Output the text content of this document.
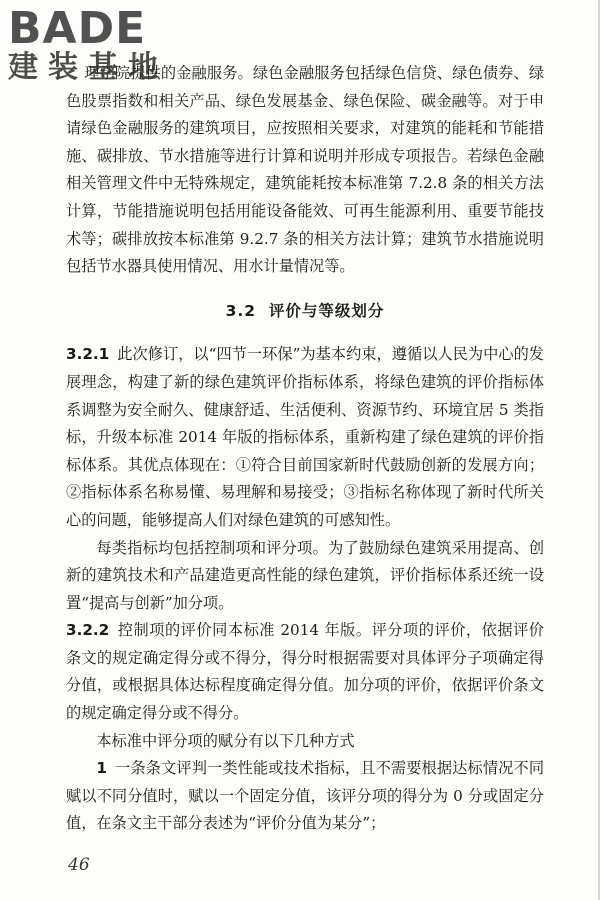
BADE
建装基地

理学院提供的金融服务。绿色金融服务包括绿色信贷、绿色债券、绿色股票指数和相关产品、绿色发展基金、绿色保险、碳金融等。对于申请绿色金融服务的建筑项目，应按照相关要求，对建筑的能耗和节能措施、碳排放、节水措施等进行计算和说明并形成专项报告。若绿色金融相关管理文件中无特殊规定，建筑能耗按本标准第 7.2.8 条的相关方法计算，节能措施说明包括用能设备能效、可再生能源利用、重要节能技术等；碳排放按本标准第 9.2.7 条的相关方法计算；建筑节水措施说明包括节水器具使用情况、用水计量情况等。

3.2 评价与等级划分

3.2.1 此次修订，以“四节一环保”为基本约束，遵循以人民为中心的发展理念，构建了新的绿色建筑评价指标体系，将绿色建筑的评价指标体系调整为安全耐久、健康舒适、生活便利、资源节约、环境宜居 5 类指标，升级本标准 2014 年版的指标体系，重新构建了绿色建筑的评价指标体系。其优点体现在：①符合目前国家新时代鼓励创新的发展方向；②指标体系名称易懂、易理解和易接受；③指标名称体现了新时代所关心的问题，能够提高人们对绿色建筑的可感知性。

每类指标均包括控制项和评分项。为了鼓励绿色建筑采用提高、创新的建筑技术和产品建造更高性能的绿色建筑，评价指标体系还统一设置“提高与创新”加分项。

3.2.2 控制项的评价同本标准 2014 年版。评分项的评价，依据评价条文的规定确定得分或不得分，得分时根据需要对具体评分子项确定得分值，或根据具体达标程度确定得分值。加分项的评价，依据评价条文的规定确定得分或不得分。

本标准中评分项的赋分有以下几种方式

1 一条条文评判一类性能或技术指标，且不需要根据达标情况不同赋以不同分值时，赋以一个固定分值，该评分项的得分为 0 分或固定分值，在条文主干部分表述为“评价分值为某分”；

46
